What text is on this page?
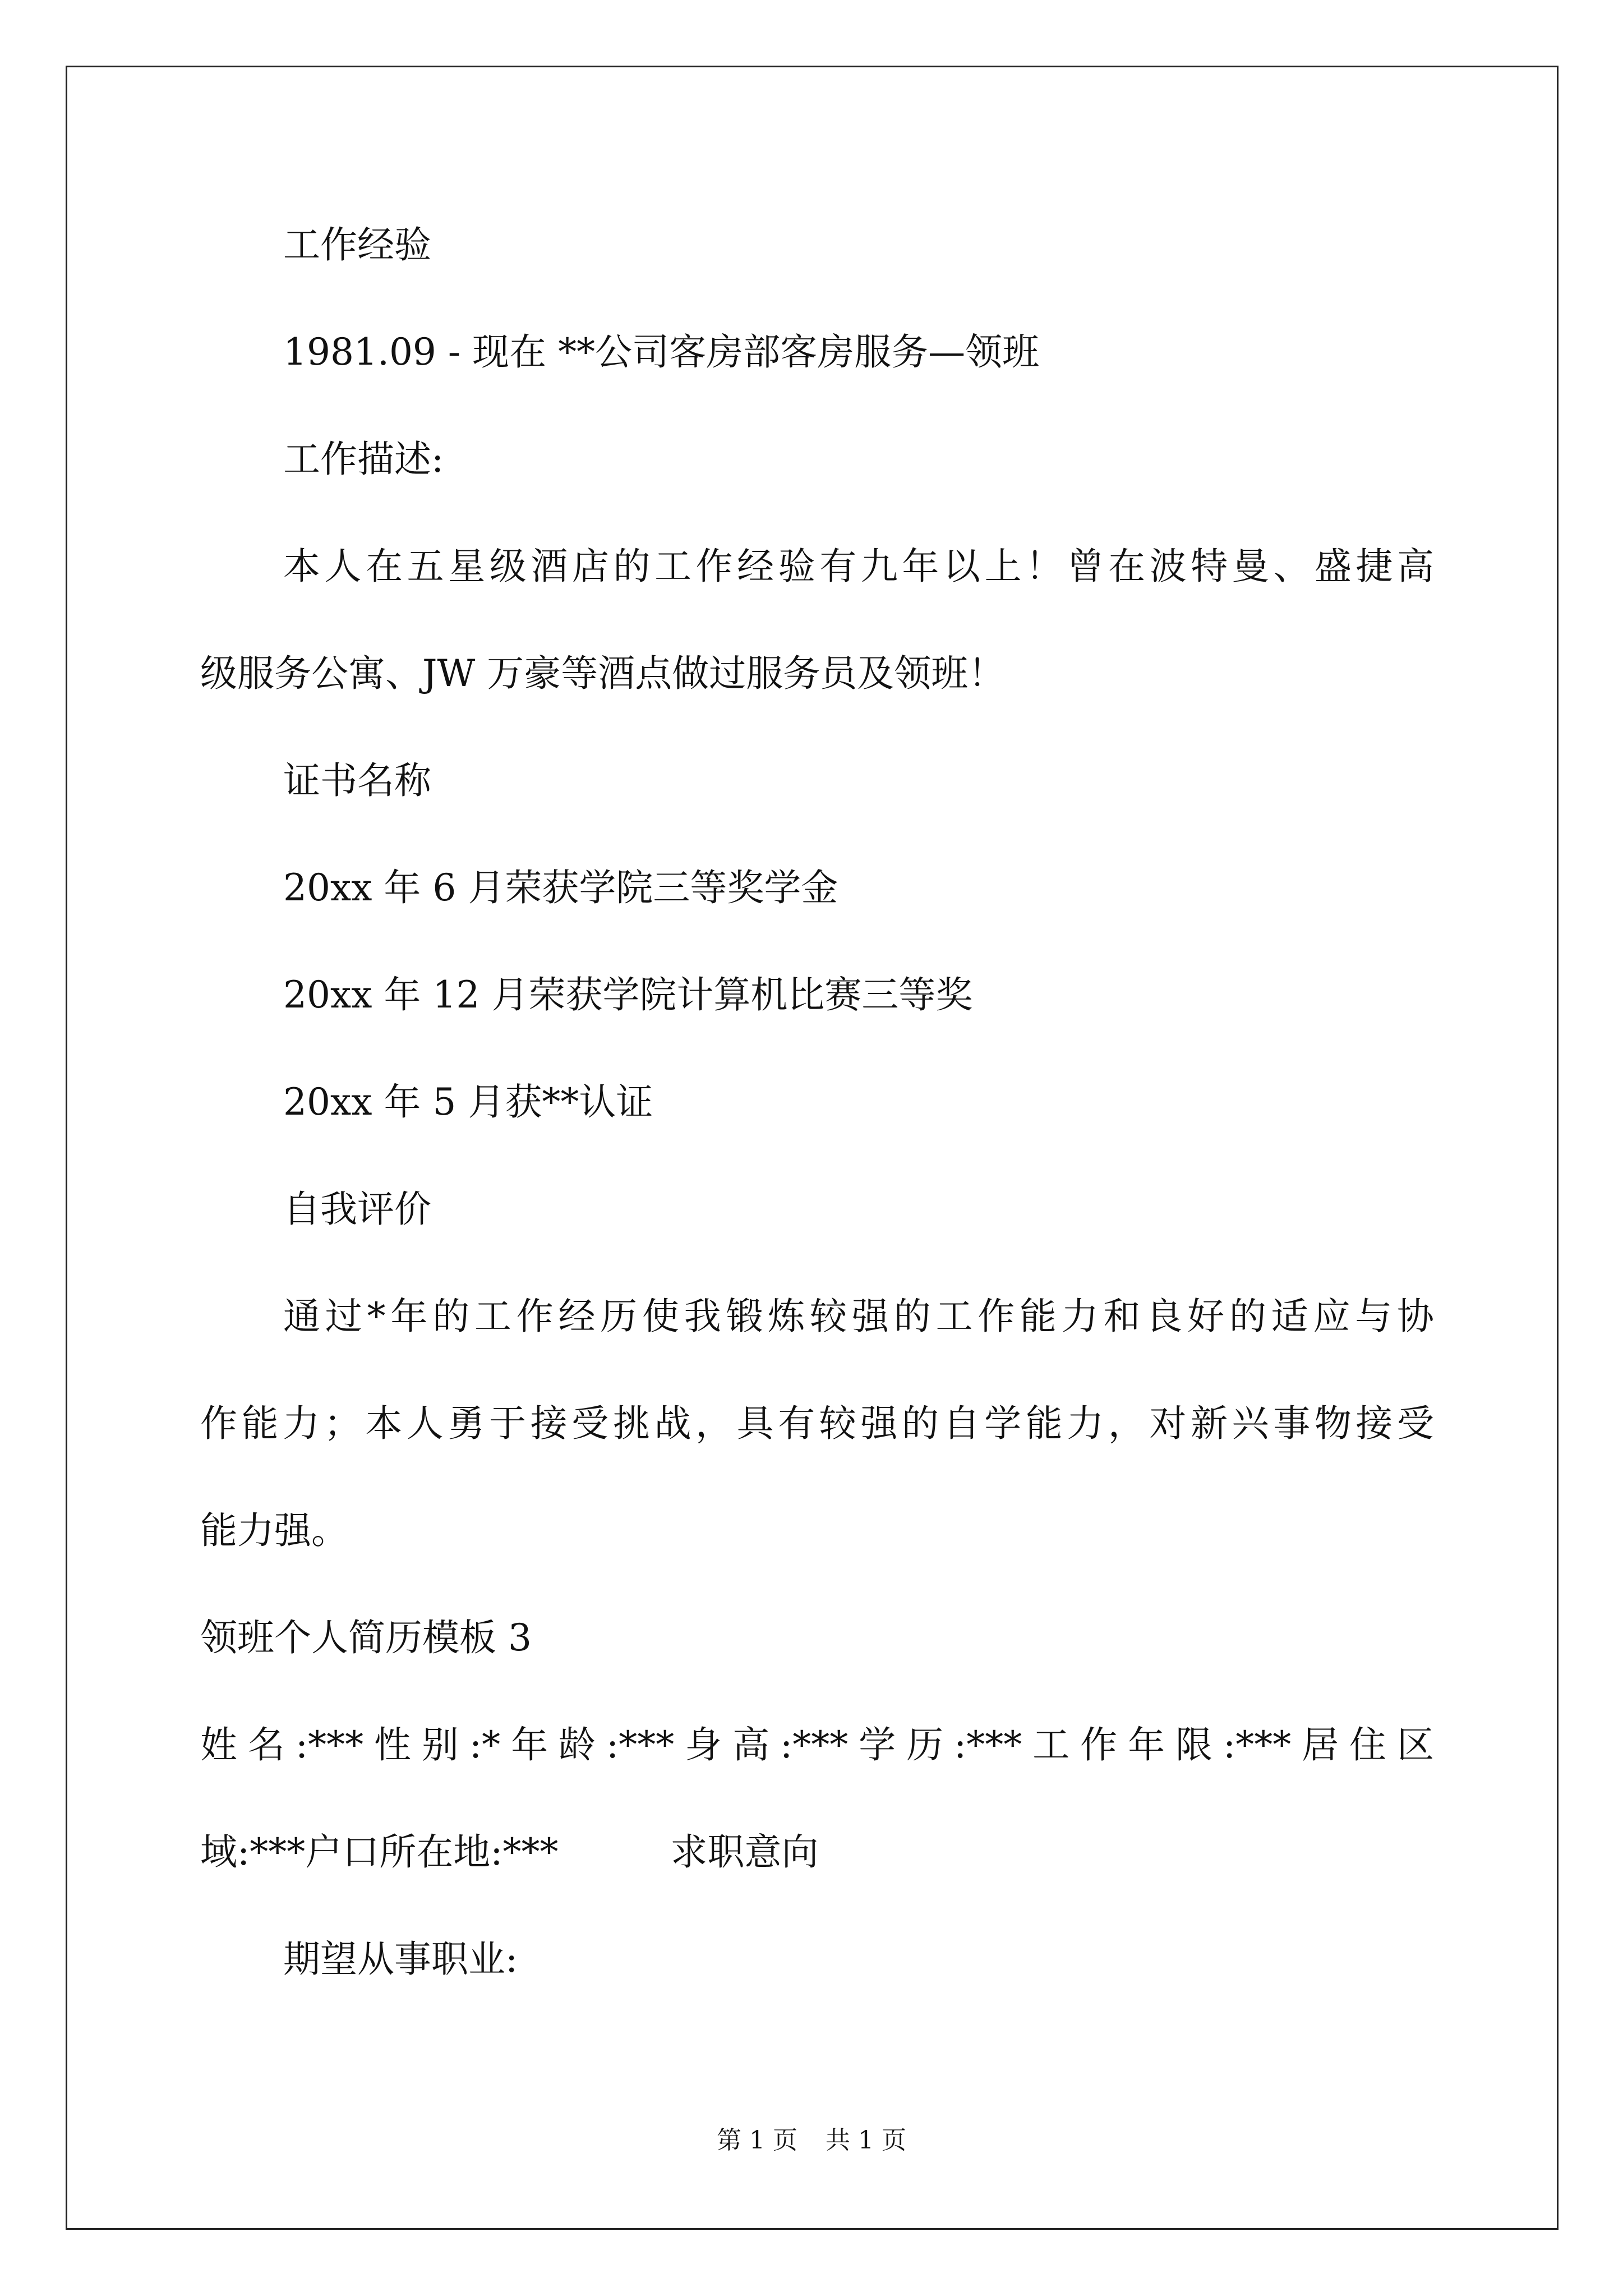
工作经验
1981.09 - 现在 **公司客房部客房服务—领班
工作描述:
本人在五星级酒店的工作经验有九年以上！曾在波特曼、盛捷高
级服务公寓、JW 万豪等酒点做过服务员及领班！
证书名称
20xx 年 6 月荣获学院三等奖学金
20xx 年 12 月荣获学院计算机比赛三等奖
20xx 年 5 月获**认证
自我评价
通过*年的工作经历使我锻炼较强的工作能力和良好的适应与协
作能力；本人勇于接受挑战，具有较强的自学能力，对新兴事物接受
能力强。
领班个人简历模板 3
姓名:***性别:*年龄:***身高:***学历:***工作年限:***居住区
域:***户口所在地:***	求职意向
期望从事职业:
第 1 页 共 1 页
